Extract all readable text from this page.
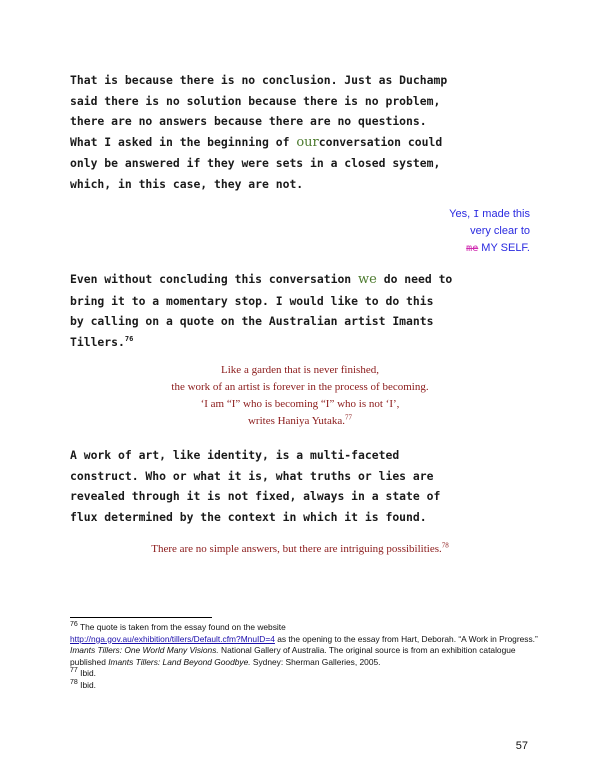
That is because there is no conclusion. Just as Duchamp
said there is no solution because there is no problem,
there are no answers because there are no questions.
What I asked in the beginning of ourconversation could
only be answered if they were sets in a closed system,
which, in this case, they are not.
Yes, I made this
very clear to
me MY SELF.
Even without concluding this conversation we do need to
bring it to a momentary stop. I would like to do this
by calling on a quote on the Australian artist Imants
Tillers.$^{76}$
Like a garden that is never finished,
the work of an artist is forever in the process of becoming.
‘I am “I” who is becoming “I” who is not ‘I’,
writes Haniya Yutaka.$^{77}$
A work of art, like identity, is a multi-faceted
construct. Who or what it is, what truths or lies are
revealed through it is not fixed, always in a state of
flux determined by the context in which it is found.
There are no simple answers, but there are intriguing possibilities.$^{78}$
$^{76}$ The quote is taken from the essay found on the website
http://nga.gov.au/exhibition/tillers/Default.cfm?MnuID=4 as the opening to the essay from Hart, Deborah. “A Work in Progress.” Imants Tillers: One World Many Visions. National Gallery of Australia. The original source is from an exhibition catalogue published Imants Tillers: Land Beyond Goodbye. Sydney: Sherman Galleries, 2005.
$^{77}$ Ibid.
$^{78}$ Ibid.
57
